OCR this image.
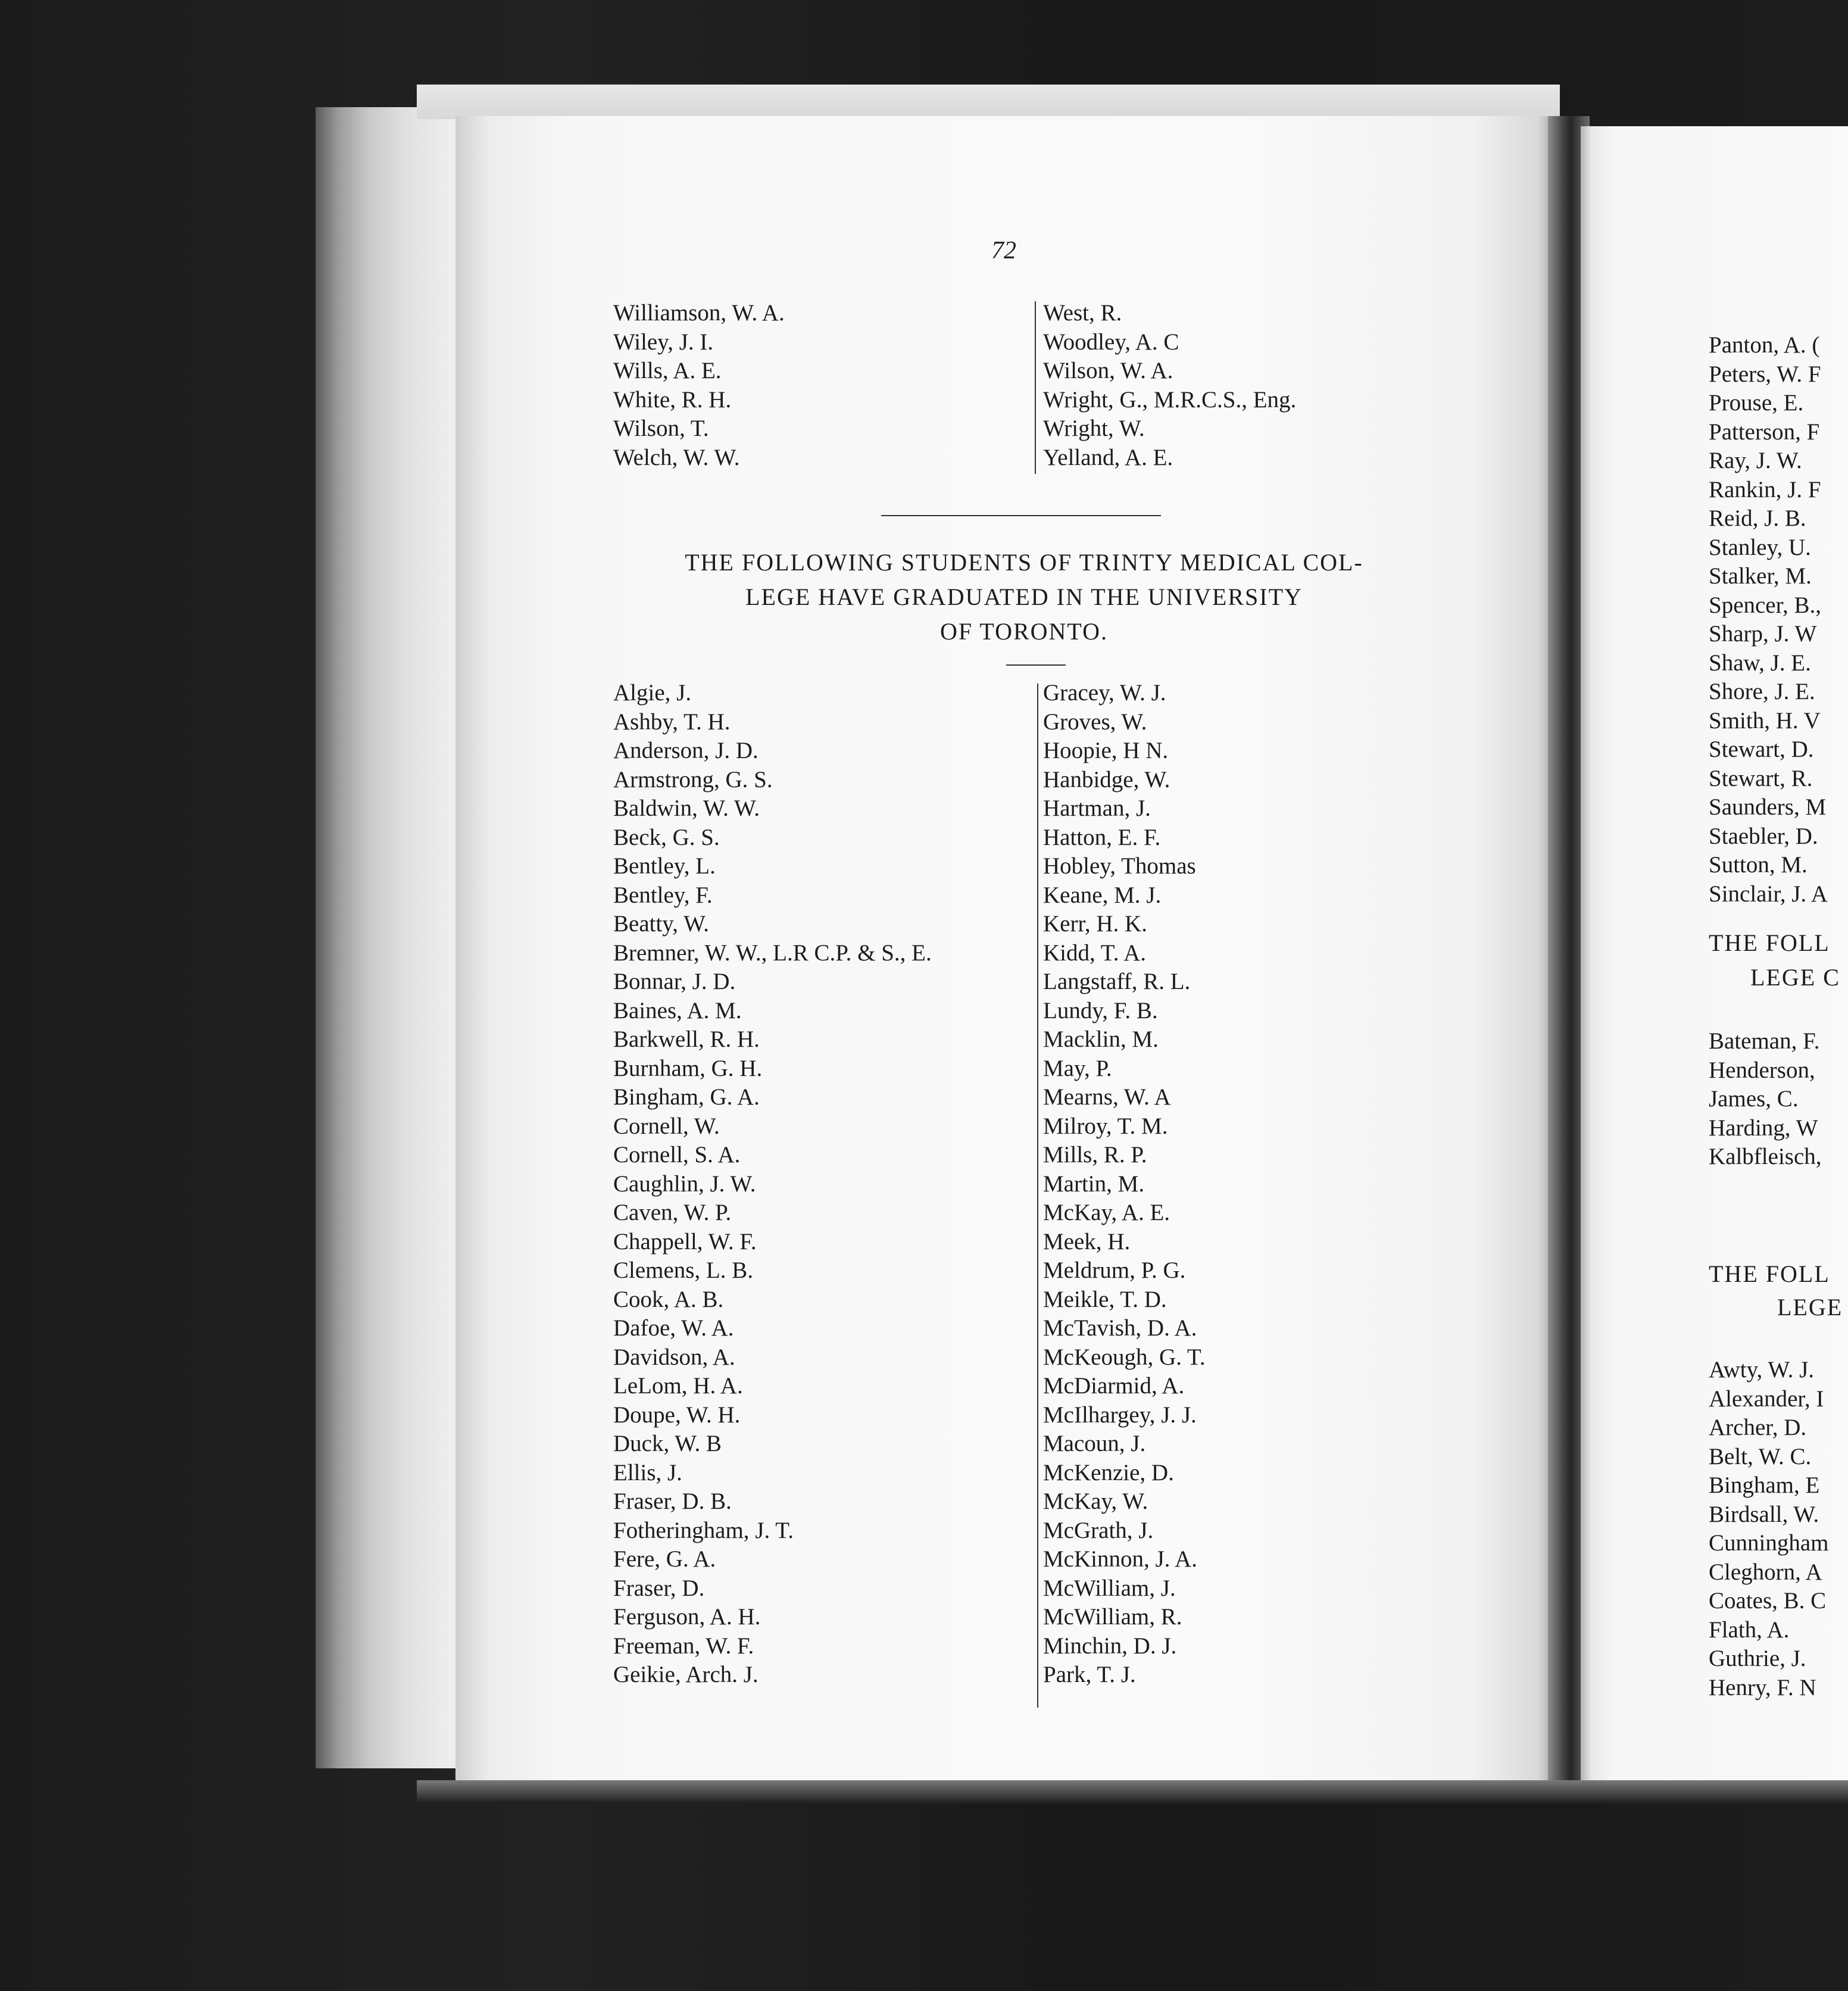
72
Williamson, W. A.
Wiley, J. I.
Wills, A. E.
White, R. H.
Wilson, T.
Welch, W. W.
West, R.
Woodley, A. C
Wilson, W. A.
Wright, G., M.R.C.S., Eng.
Wright, W.
Yelland, A. E.
THE FOLLOWING STUDENTS OF TRINTY MEDICAL COL-
LEGE HAVE GRADUATED IN THE UNIVERSITY
OF TORONTO.
Algie, J.
Ashby, T. H.
Anderson, J. D.
Armstrong, G. S.
Baldwin, W. W.
Beck, G. S.
Bentley, L.
Bentley, F.
Beatty, W.
Bremner, W. W., L.R C.P. & S., E.
Bonnar, J. D.
Baines, A. M.
Barkwell, R. H.
Burnham, G. H.
Bingham, G. A.
Cornell, W.
Cornell, S. A.
Caughlin, J. W.
Caven, W. P.
Chappell, W. F.
Clemens, L. B.
Cook, A. B.
Dafoe, W. A.
Davidson, A.
LeLom, H. A.
Doupe, W. H.
Duck, W. B
Ellis, J.
Fraser, D. B.
Fotheringham, J. T.
Fere, G. A.
Fraser, D.
Ferguson, A. H.
Freeman, W. F.
Geikie, Arch. J.
Gracey, W. J.
Groves, W.
Hoopie, H N.
Hanbidge, W.
Hartman, J.
Hatton, E. F.
Hobley, Thomas
Keane, M. J.
Kerr, H. K.
Kidd, T. A.
Langstaff, R. L.
Lundy, F. B.
Macklin, M.
May, P.
Mearns, W. A
Milroy, T. M.
Mills, R. P.
Martin, M.
McKay, A. E.
Meek, H.
Meldrum, P. G.
Meikle, T. D.
McTavish, D. A.
McKeough, G. T.
McDiarmid, A.
McIlhargey, J. J.
Macoun, J.
McKenzie, D.
McKay, W.
McGrath, J.
McKinnon, J. A.
McWilliam, J.
McWilliam, R.
Minchin, D. J.
Park, T. J.
Panton, A. (
Peters, W. F
Prouse, E.
Patterson, F
Ray, J. W.
Rankin, J. F
Reid, J. B.
Stanley, U.
Stalker, M.
Spencer, B.,
Sharp, J. W
Shaw, J. E.
Shore, J. E.
Smith, H. V
Stewart, D.
Stewart, R.
Saunders, M
Staebler, D.
Sutton, M.
Sinclair, J. A
THE FOLL
LEGE C
Bateman, F.
Henderson,
James, C.
Harding, W
Kalbfleisch,
THE FOLL
LEGE
Awty, W. J.
Alexander, I
Archer, D.
Belt, W. C.
Bingham, E
Birdsall, W.
Cunningham
Cleghorn, A
Coates, B. C
Flath, A.
Guthrie, J.
Henry, F. N
